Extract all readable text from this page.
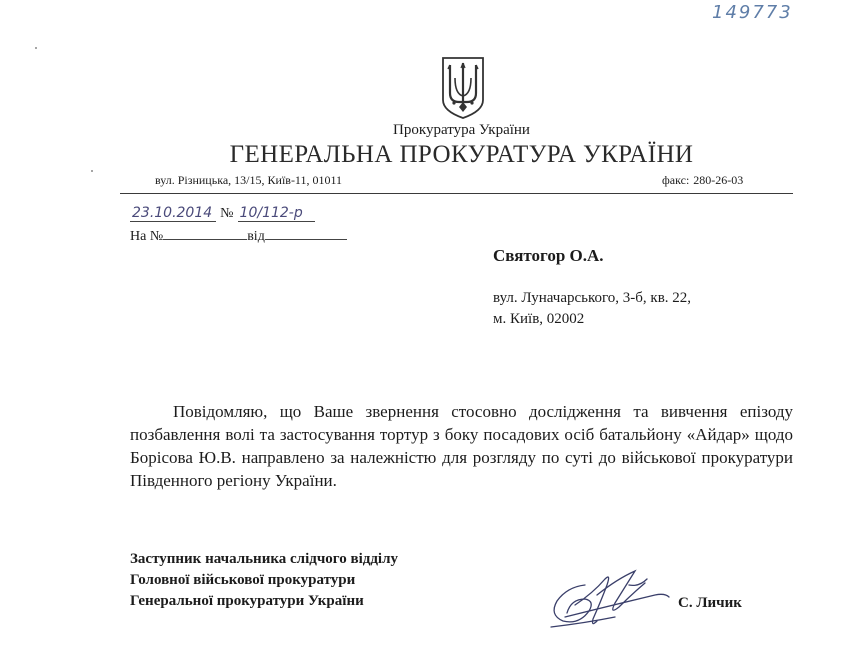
149773
Прокуратура України
ГЕНЕРАЛЬНА ПРОКУРАТУРА УКРАЇНИ
вул. Різницька, 13/15, Київ-11, 01011	факс: 280-26-03
23.10.2014 № 10/112-р
На №	від
Святогор О.А.
вул. Луначарського, 3-б, кв. 22,
м. Київ, 02002
Повідомляю, що Ваше звернення стосовно дослідження та вивчення епізоду позбавлення волі та застосування тортур з боку посадових осіб батальйону «Айдар» щодо Борісова Ю.В. направлено за належністю для розгляду по суті до військової прокуратури Південного регіону України.
Заступник начальника слідчого відділу
Головної військової прокуратури
Генеральної прокуратури України	С. Личик
